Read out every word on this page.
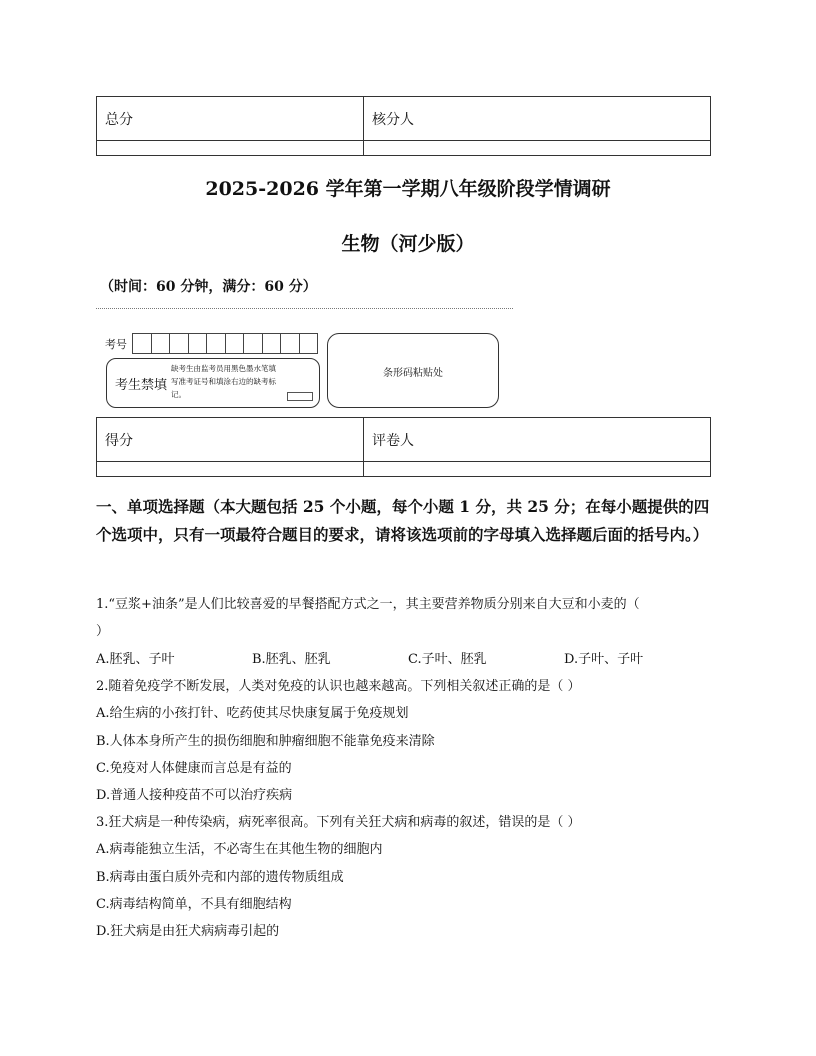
总分	核分人

2025-2026 学年第一学期八年级阶段学情调研
生物（河少版）
（时间：60 分钟，满分：60 分）
考号
考生禁填
缺考生由监考员用黑色墨水笔填写准考证号和填涂右边的缺考标记。
条形码粘贴处
得分	评卷人

一、单项选择题（本大题包括 25 个小题，每个小题 1 分，共 25 分；在每小题提供的四个选项中，只有一项最符合题目的要求，请将该选项前的字母填入选择题后面的括号内。）
1.“豆浆+油条”是人们比较喜爱的早餐搭配方式之一，其主要营养物质分别来自大豆和小麦的（
）
A.胚乳、子叶	B.胚乳、胚乳	C.子叶、胚乳	D.子叶、子叶
2.随着免疫学不断发展，人类对免疫的认识也越来越高。下列相关叙述正确的是（ ）
A.给生病的小孩打针、吃药使其尽快康复属于免疫规划
B.人体本身所产生的损伤细胞和肿瘤细胞不能靠免疫来清除
C.免疫对人体健康而言总是有益的
D.普通人接种疫苗不可以治疗疾病
3.狂犬病是一种传染病，病死率很高。下列有关狂犬病和病毒的叙述，错误的是（ ）
A.病毒能独立生活，不必寄生在其他生物的细胞内
B.病毒由蛋白质外壳和内部的遗传物质组成
C.病毒结构简单，不具有细胞结构
D.狂犬病是由狂犬病病毒引起的
